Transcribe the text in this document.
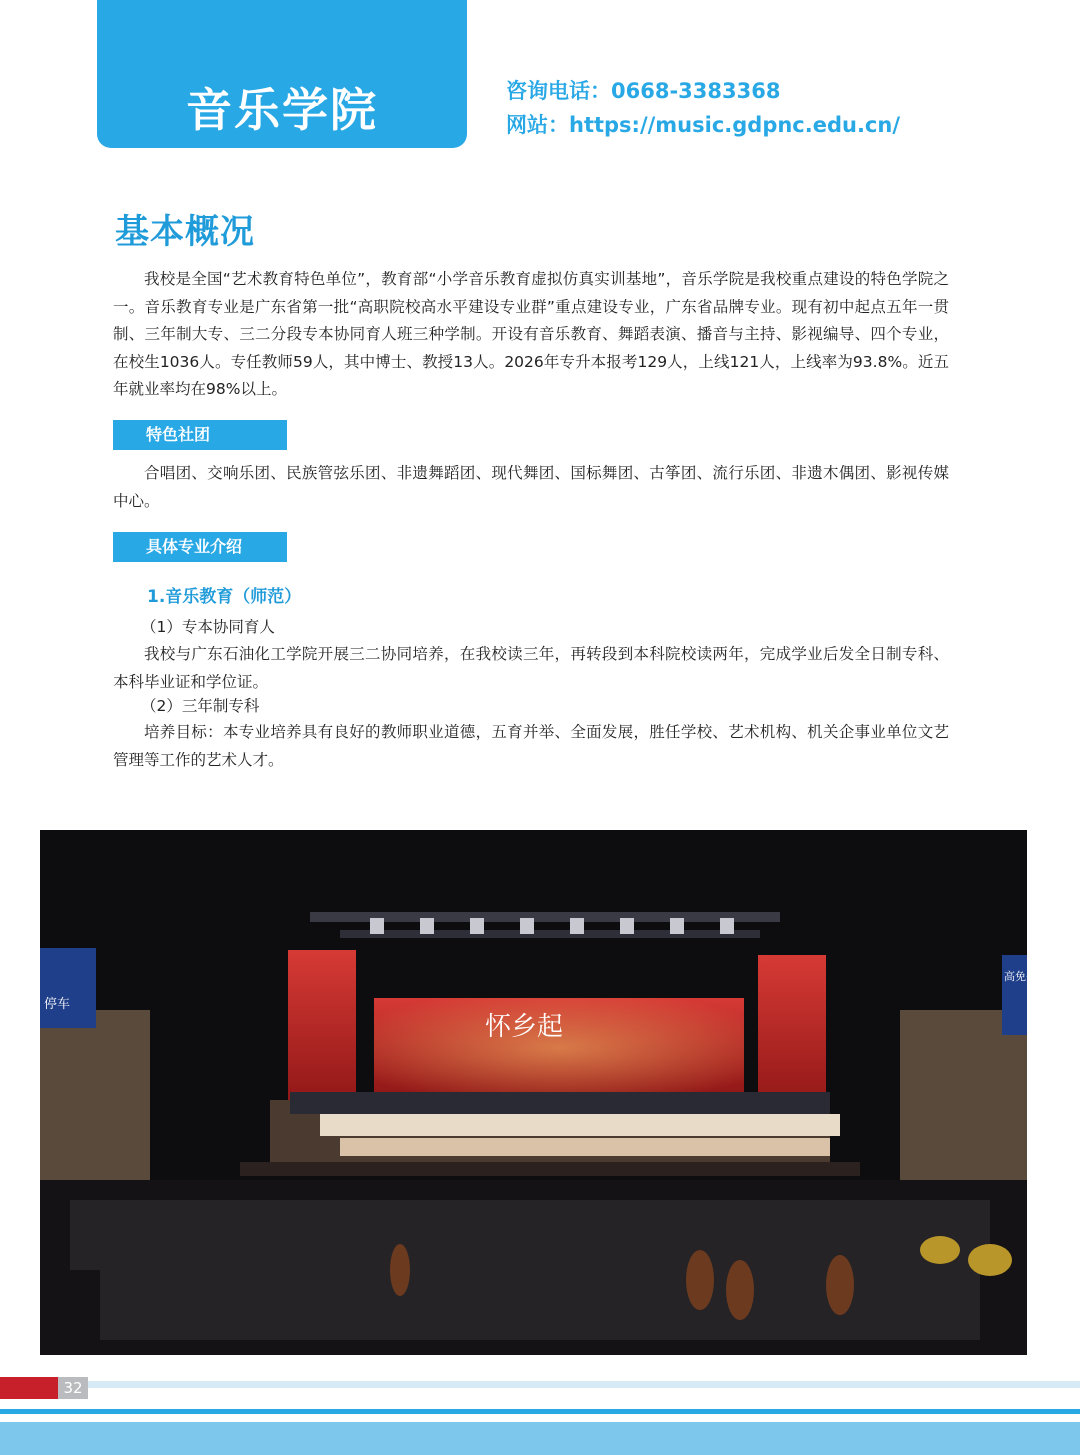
音乐学院	咨询电话：0668-3383368
网站：https://music.gdpnc.edu.cn/
基本概况
我校是全国“艺术教育特色单位”，教育部“小学音乐教育虚拟仿真实训基地”，音乐学院是我校重点建设的特色学院之一。音乐教育专业是广东省第一批“高职院校高水平建设专业群”重点建设专业，广东省品牌专业。现有初中起点五年一贯制、三年制大专、三二分段专本协同育人班三种学制。开设有音乐教育、舞蹈表演、播音与主持、影视编导、四个专业，在校生1036人。专任教师59人，其中博士、教授13人。2026年专升本报考129人，上线121人，上线率为93.8%。近五年就业率均在98%以上。
特色社团
合唱团、交响乐团、民族管弦乐团、非遗舞蹈团、现代舞团、国标舞团、古筝团、流行乐团、非遗木偶团、影视传媒中心。
具体专业介绍
1.音乐教育（师范）
（1）专本协同育人
我校与广东石油化工学院开展三二协同培养，在我校读三年，再转段到本科院校读两年，完成学业后发全日制专科、本科毕业证和学位证。
（2）三年制专科
培养目标：本专业培养具有良好的教师职业道德，五育并举、全面发展，胜任学校、艺术机构、机关企事业单位文艺管理等工作的艺术人才。
怀乡起
停车
高免仅
32
